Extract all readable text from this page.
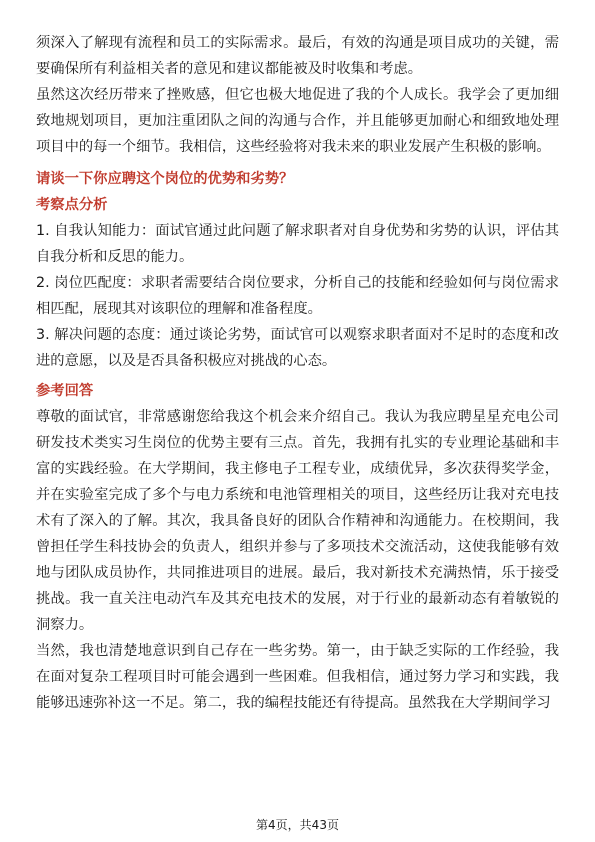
须深入了解现有流程和员工的实际需求。最后，有效的沟通是项目成功的关键，需要确保所有利益相关者的意见和建议都能被及时收集和考虑。

虽然这次经历带来了挫败感，但它也极大地促进了我的个人成长。我学会了更加细致地规划项目，更加注重团队之间的沟通与合作，并且能够更加耐心和细致地处理项目中的每一个细节。我相信，这些经验将对我未来的职业发展产生积极的影响。

请谈一下你应聘这个岗位的优势和劣势？

考察点分析

1. 自我认知能力：面试官通过此问题了解求职者对自身优势和劣势的认识，评估其自我分析和反思的能力。

2. 岗位匹配度：求职者需要结合岗位要求，分析自己的技能和经验如何与岗位需求相匹配，展现其对该职位的理解和准备程度。

3. 解决问题的态度：通过谈论劣势，面试官可以观察求职者面对不足时的态度和改进的意愿，以及是否具备积极应对挑战的心态。

参考回答

尊敬的面试官，非常感谢您给我这个机会来介绍自己。我认为我应聘星星充电公司研发技术类实习生岗位的优势主要有三点。首先，我拥有扎实的专业理论基础和丰富的实践经验。在大学期间，我主修电子工程专业，成绩优异，多次获得奖学金，并在实验室完成了多个与电力系统和电池管理相关的项目，这些经历让我对充电技术有了深入的了解。其次，我具备良好的团队合作精神和沟通能力。在校期间，我曾担任学生科技协会的负责人，组织并参与了多项技术交流活动，这使我能够有效地与团队成员协作，共同推进项目的进展。最后，我对新技术充满热情，乐于接受挑战。我一直关注电动汽车及其充电技术的发展，对于行业的最新动态有着敏锐的洞察力。

当然，我也清楚地意识到自己存在一些劣势。第一，由于缺乏实际的工作经验，我在面对复杂工程项目时可能会遇到一些困难。但我相信，通过努力学习和实践，我能够迅速弥补这一不足。第二，我的编程技能还有待提高。虽然我在大学期间学习

第4页，共43页
